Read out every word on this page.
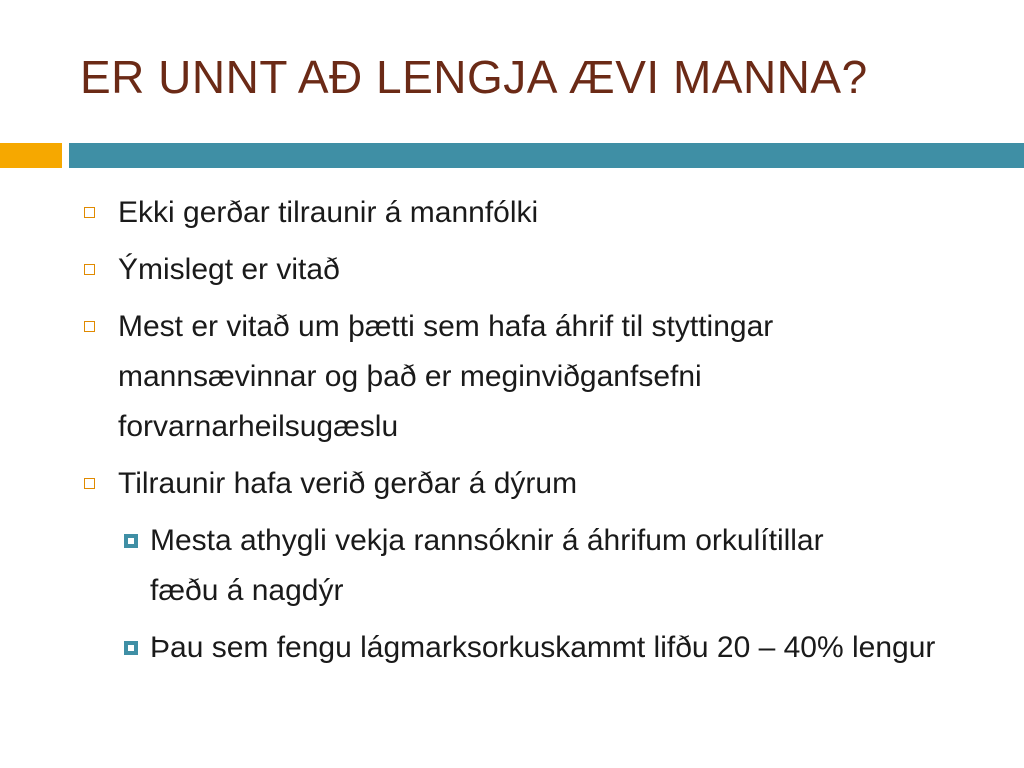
ER UNNT AÐ LENGJA ÆVI MANNA?
Ekki gerðar tilraunir á mannfólki
Ýmislegt er vitað
Mest er vitað um þætti sem hafa áhrif til styttingar mannsævinnar og það er meginviðganfsefni forvarnarheilsugæslu
Tilraunir hafa verið gerðar á dýrum
Mesta athygli vekja rannsóknir á áhrifum orkulítillar fæðu á nagdýr
Þau sem fengu lágmarksorkuskammt lifðu 20 – 40% lengur
